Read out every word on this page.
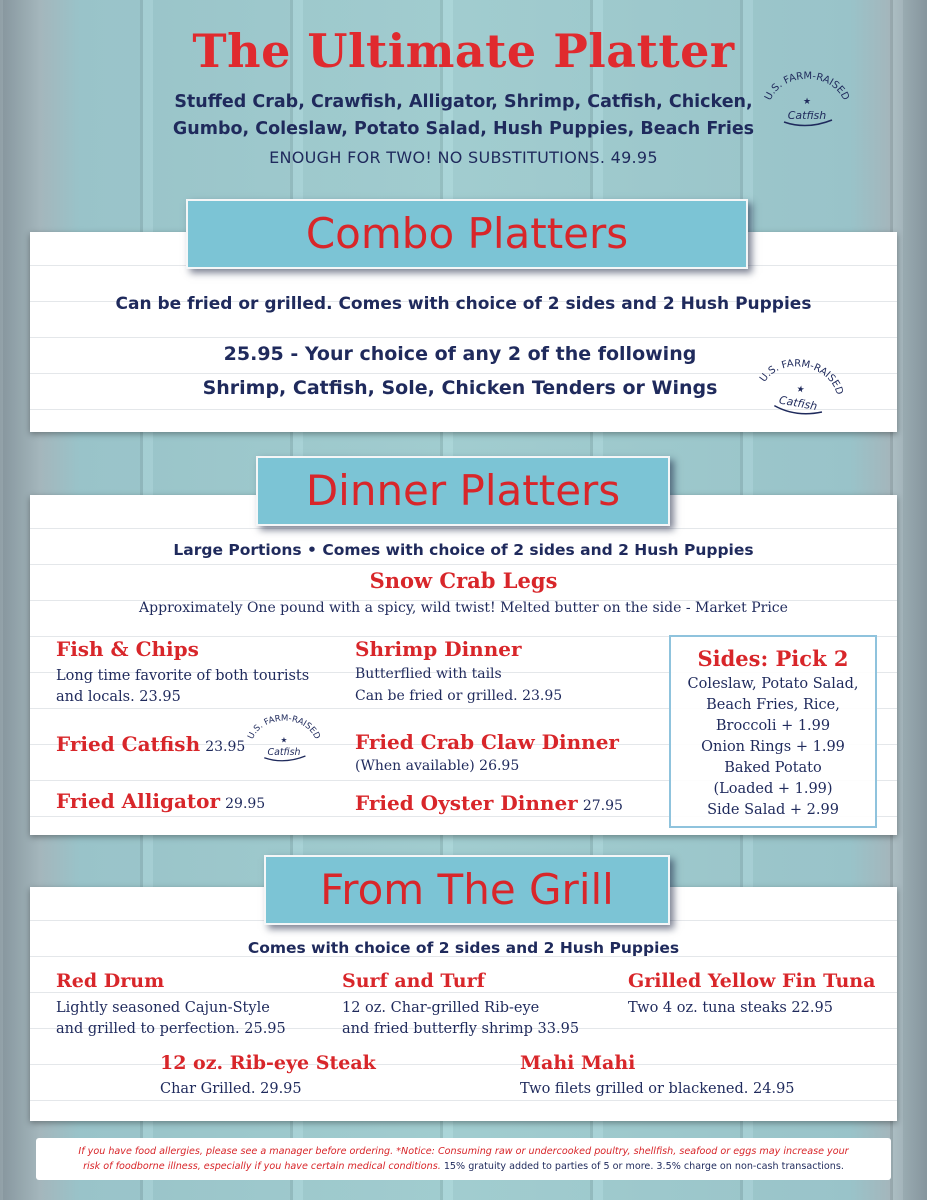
The Ultimate Platter
Stuffed Crab, Crawfish, Alligator, Shrimp, Catfish, Chicken,
Gumbo, Coleslaw, Potato Salad, Hush Puppies, Beach Fries
ENOUGH FOR TWO! NO SUBSTITUTIONS. 49.95
U.S. FARM-RAISED
★
Catfish
Combo Platters
Can be fried or grilled. Comes with choice of 2 sides and 2 Hush Puppies
25.95 - Your choice of any 2 of the following
Shrimp, Catfish, Sole, Chicken Tenders or Wings	U.S. FARM-RAISED
★
Catfish
Dinner Platters
Large Portions • Comes with choice of 2 sides and 2 Hush Puppies
Snow Crab Legs
Approximately One pound with a spicy, wild twist! Melted butter on the side - Market Price
Fish & Chips
Long time favorite of both tourists
and locals. 23.95
Fried Catfish 23.95
U.S. FARM-RAISED
★
Catfish
Fried Alligator 29.95
Shrimp Dinner
Butterflied with tails
Can be fried or grilled. 23.95
Fried Crab Claw Dinner
(When available) 26.95
Fried Oyster Dinner 27.95
Sides: Pick 2
Coleslaw, Potato Salad,
Beach Fries, Rice,
Broccoli + 1.99
Onion Rings + 1.99
Baked Potato
(Loaded + 1.99)
Side Salad + 2.99
From The Grill
Comes with choice of 2 sides and 2 Hush Puppies
Red Drum
Lightly seasoned Cajun-Style
and grilled to perfection. 25.95
Surf and Turf
12 oz. Char-grilled Rib-eye
and fried butterfly shrimp 33.95
Grilled Yellow Fin Tuna
Two 4 oz. tuna steaks 22.95
12 oz. Rib-eye Steak
Char Grilled. 29.95
Mahi Mahi
Two filets grilled or blackened. 24.95
If you have food allergies, please see a manager before ordering. *Notice: Consuming raw or undercooked poultry, shellfish, seafood or eggs may increase your
risk of foodborne illness, especially if you have certain medical conditions. 15% gratuity added to parties of 5 or more. 3.5% charge on non-cash transactions.
